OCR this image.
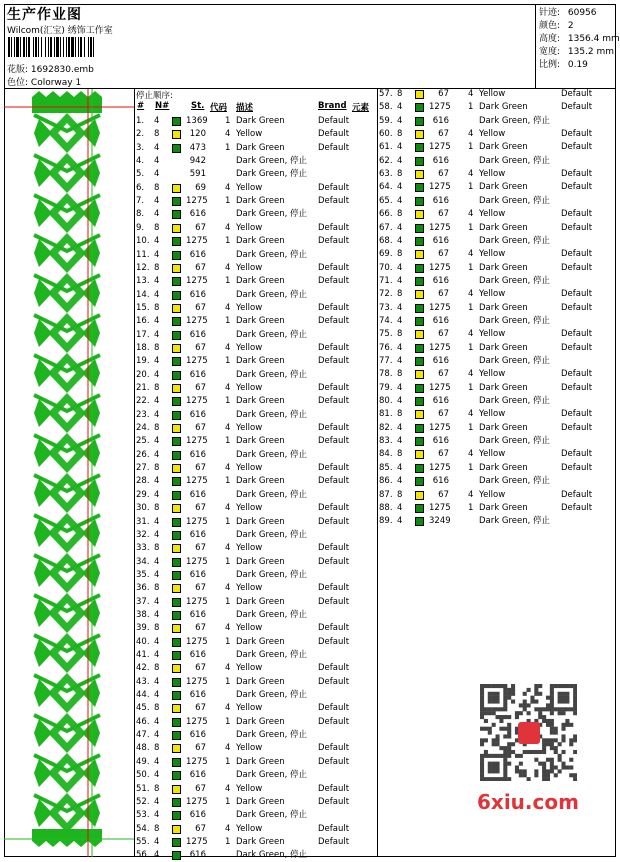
生产作业图
Wilcom(汇宝) 绣饰工作室
花版: 1692830.emb
色位: Colorway 1
针迹: 60956
颜色: 2
高度: 1356.4 mm
宽度: 135.2 mm
比例: 0.19
停止顺序:
# N#	St. 代码 描述	Brand 元素
1. 4	1369 1 Dark Green	Default
2. 8	120 4 Yellow	Default
3. 4	473 1 Dark Green	Default
4. 4	942	Dark Green, 停止
5. 4	591	Dark Green, 停止
6. 8	69 4 Yellow	Default
7. 4	1275 1 Dark Green	Default
8. 4	616	Dark Green, 停止
9. 8	67 4 Yellow	Default
10. 4	1275 1 Dark Green	Default
11. 4	616	Dark Green, 停止
12. 8	67 4 Yellow	Default
13. 4	1275 1 Dark Green	Default
14. 4	616	Dark Green, 停止
15. 8	67 4 Yellow	Default
16. 4	1275 1 Dark Green	Default
17. 4	616	Dark Green, 停止
18. 8	67 4 Yellow	Default
19. 4	1275 1 Dark Green	Default
20. 4	616	Dark Green, 停止
21. 8	67 4 Yellow	Default
22. 4	1275 1 Dark Green	Default
23. 4	616	Dark Green, 停止
24. 8	67 4 Yellow	Default
25. 4	1275 1 Dark Green	Default
26. 4	616	Dark Green, 停止
27. 8	67 4 Yellow	Default
28. 4	1275 1 Dark Green	Default
29. 4	616	Dark Green, 停止
30. 8	67 4 Yellow	Default
31. 4	1275 1 Dark Green	Default
32. 4	616	Dark Green, 停止
33. 8	67 4 Yellow	Default
34. 4	1275 1 Dark Green	Default
35. 4	616	Dark Green, 停止
36. 8	67 4 Yellow	Default
37. 4	1275 1 Dark Green	Default
38. 4	616	Dark Green, 停止
39. 8	67 4 Yellow	Default
40. 4	1275 1 Dark Green	Default
41. 4	616	Dark Green, 停止
42. 8	67 4 Yellow	Default
43. 4	1275 1 Dark Green	Default
44. 4	616	Dark Green, 停止
45. 8	67 4 Yellow	Default
46. 4	1275 1 Dark Green	Default
47. 4	616	Dark Green, 停止
48. 8	67 4 Yellow	Default
49. 4	1275 1 Dark Green	Default
50. 4	616	Dark Green, 停止
51. 8	67 4 Yellow	Default
52. 4	1275 1 Dark Green	Default
53. 4	616	Dark Green, 停止
54. 8	67 4 Yellow	Default
55. 4	1275 1 Dark Green	Default
56. 4	616	Dark Green, 停止
57. 8	67 4 Yellow	Default
58. 4	1275 1 Dark Green	Default
59. 4	616	Dark Green, 停止
60. 8	67 4 Yellow	Default
61. 4	1275 1 Dark Green	Default
62. 4	616	Dark Green, 停止
63. 8	67 4 Yellow	Default
64. 4	1275 1 Dark Green	Default
65. 4	616	Dark Green, 停止
66. 8	67 4 Yellow	Default
67. 4	1275 1 Dark Green	Default
68. 4	616	Dark Green, 停止
69. 8	67 4 Yellow	Default
70. 4	1275 1 Dark Green	Default
71. 4	616	Dark Green, 停止
72. 8	67 4 Yellow	Default
73. 4	1275 1 Dark Green	Default
74. 4	616	Dark Green, 停止
75. 8	67 4 Yellow	Default
76. 4	1275 1 Dark Green	Default
77. 4	616	Dark Green, 停止
78. 8	67 4 Yellow	Default
79. 4	1275 1 Dark Green	Default
80. 4	616	Dark Green, 停止
81. 8	67 4 Yellow	Default
82. 4	1275 1 Dark Green	Default
83. 4	616	Dark Green, 停止
84. 8	67 4 Yellow	Default
85. 4	1275 1 Dark Green	Default
86. 4	616	Dark Green, 停止
87. 8	67 4 Yellow	Default
88. 4	1275 1 Dark Green	Default
89. 4	3249	Dark Green, 停止
6xiu.com
